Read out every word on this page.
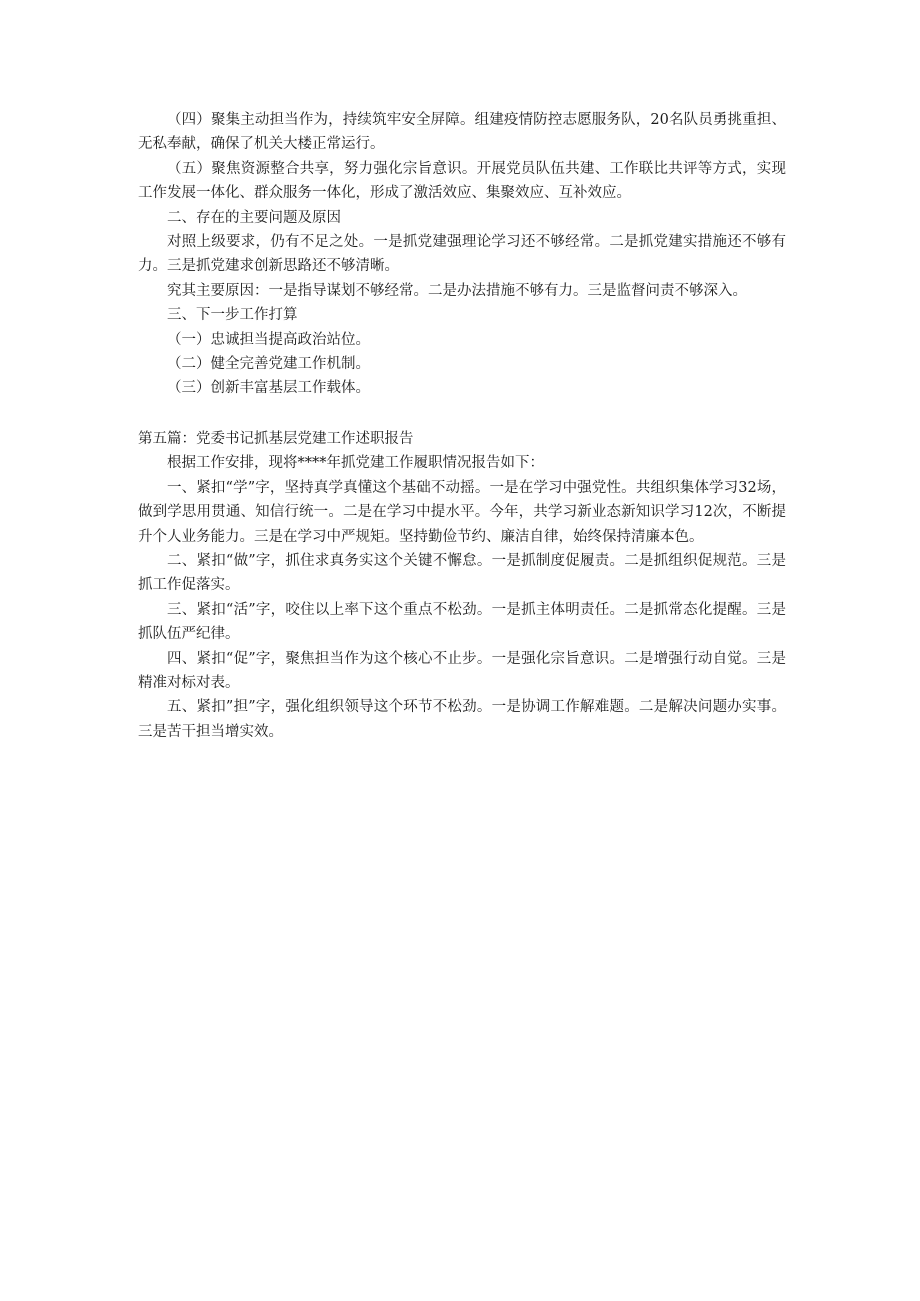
（四）聚集主动担当作为，持续筑牢安全屏障。组建疫情防控志愿服务队，20名队员勇挑重担、无私奉献，确保了机关大楼正常运行。

（五）聚焦资源整合共享，努力强化宗旨意识。开展党员队伍共建、工作联比共评等方式，实现工作发展一体化、群众服务一体化，形成了激活效应、集聚效应、互补效应。

二、存在的主要问题及原因

对照上级要求，仍有不足之处。一是抓党建强理论学习还不够经常。二是抓党建实措施还不够有力。三是抓党建求创新思路还不够清晰。

究其主要原因：一是指导谋划不够经常。二是办法措施不够有力。三是监督问责不够深入。

三、下一步工作打算

（一）忠诚担当提高政治站位。

（二）健全完善党建工作机制。

（三）创新丰富基层工作载体。

第五篇：党委书记抓基层党建工作述职报告

根据工作安排，现将****年抓党建工作履职情况报告如下：

一、紧扣“学”字，坚持真学真懂这个基础不动摇。一是在学习中强党性。共组织集体学习32场，做到学思用贯通、知信行统一。二是在学习中提水平。今年，共学习新业态新知识学习12次，不断提升个人业务能力。三是在学习中严规矩。坚持勤俭节约、廉洁自律，始终保持清廉本色。

二、紧扣“做”字，抓住求真务实这个关键不懈怠。一是抓制度促履责。二是抓组织促规范。三是抓工作促落实。

三、紧扣“活”字，咬住以上率下这个重点不松劲。一是抓主体明责任。二是抓常态化提醒。三是抓队伍严纪律。

四、紧扣“促”字，聚焦担当作为这个核心不止步。一是强化宗旨意识。二是增强行动自觉。三是精准对标对表。

五、紧扣”担”字，强化组织领导这个环节不松劲。一是协调工作解难题。二是解决问题办实事。三是苦干担当增实效。
